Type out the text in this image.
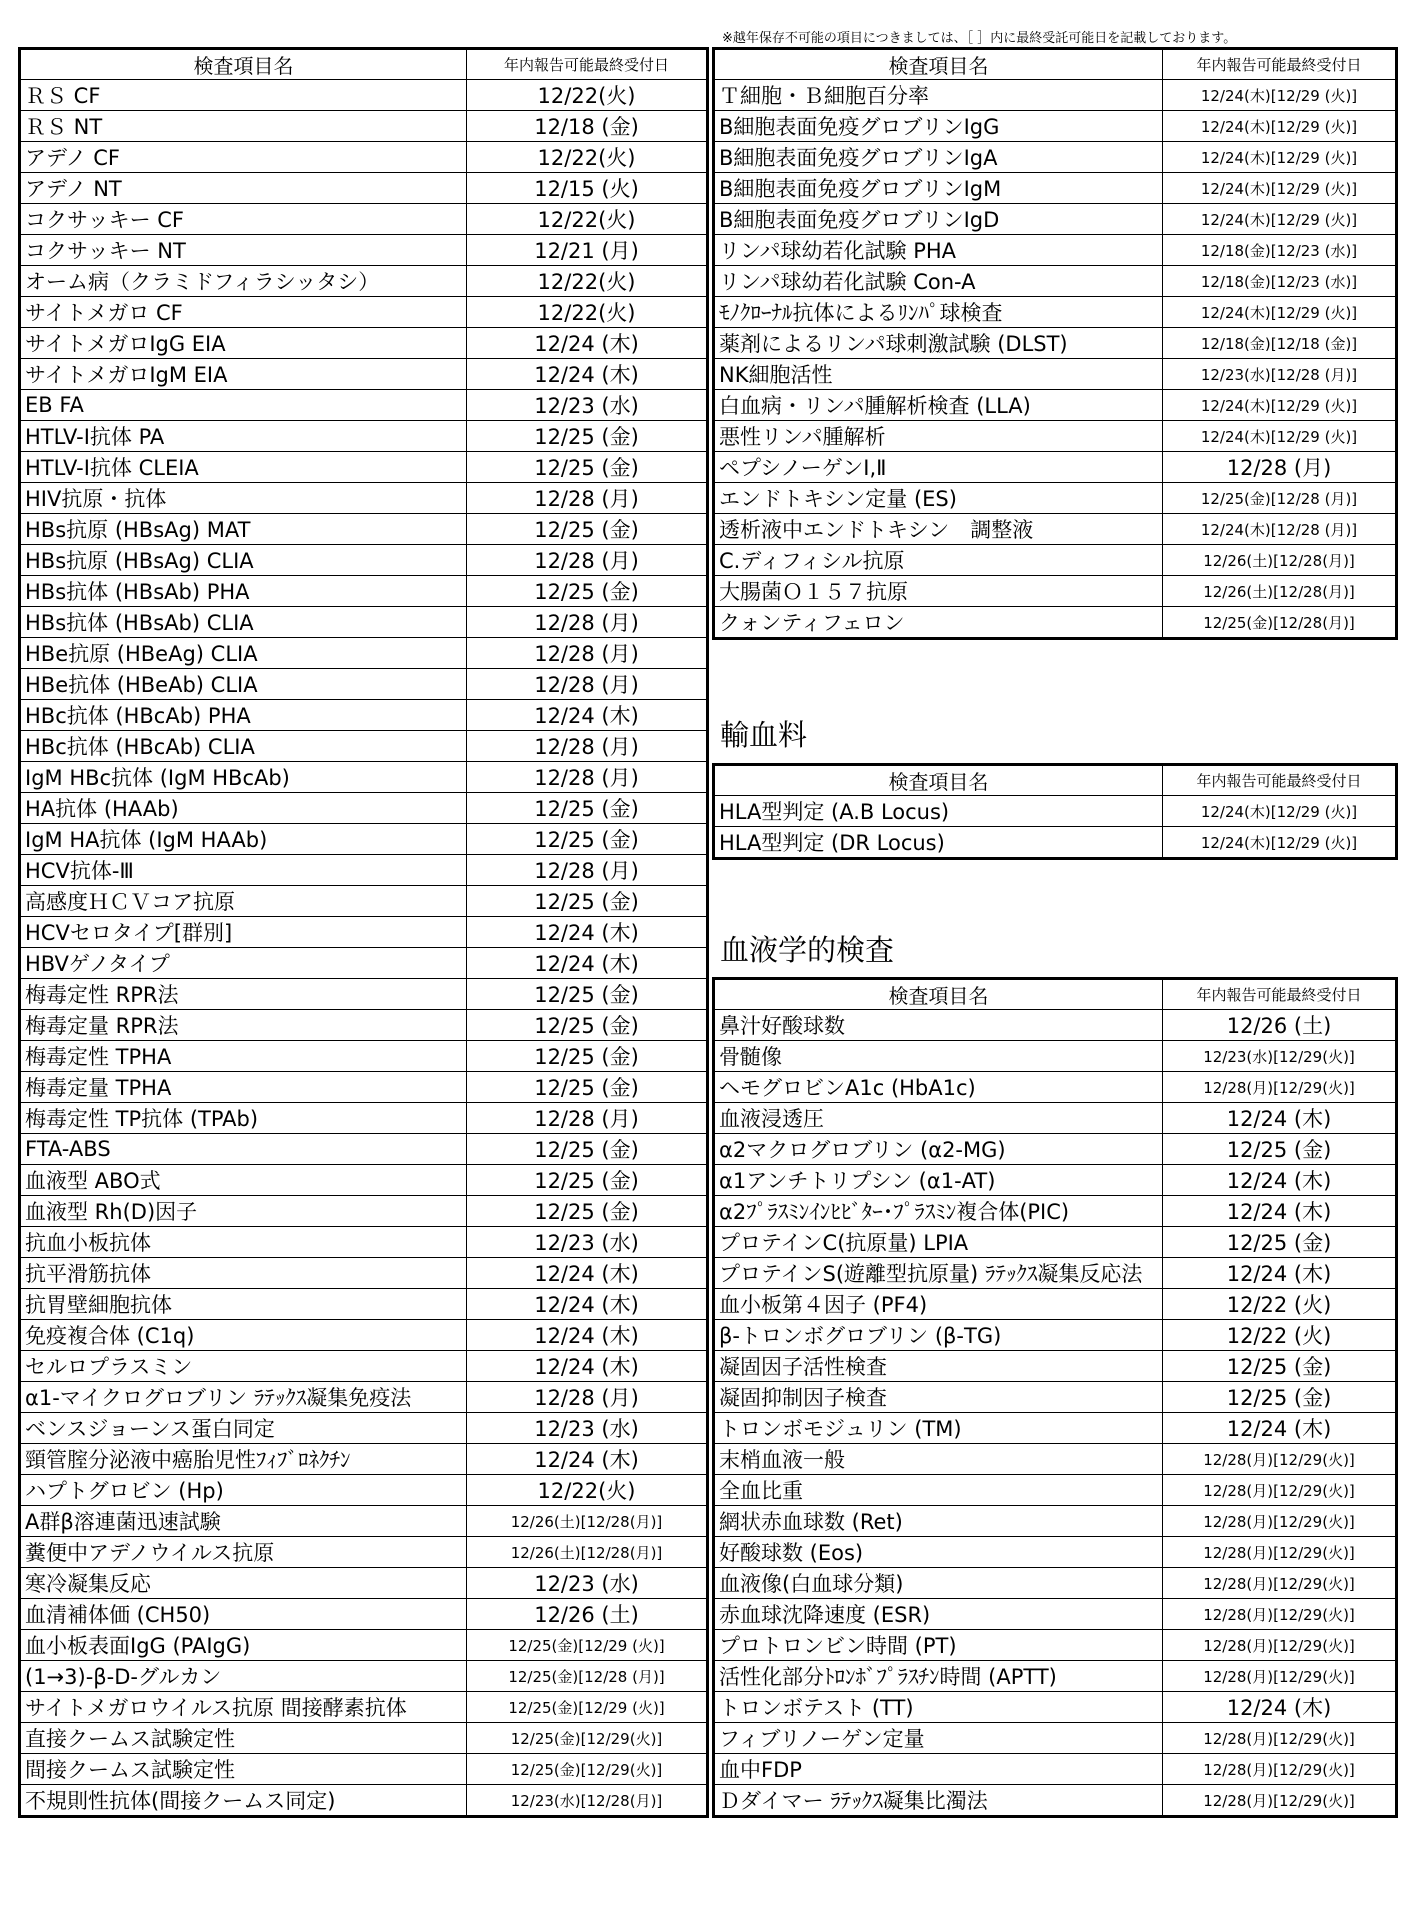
※越年保存不可能の項目につきましては、［ ］内に最終受託可能日を記載しております。
検査項目名	年内報告可能最終受付日
ＲＳ CF	12/22(火)
ＲＳ NT	12/18 (金)
アデノ CF	12/22(火)
アデノ NT	12/15 (火)
コクサッキー CF	12/22(火)
コクサッキー NT	12/21 (月)
オーム病（クラミドフィラシッタシ）	12/22(火)
サイトメガロ CF	12/22(火)
サイトメガロIgG EIA	12/24 (木)
サイトメガロIgM EIA	12/24 (木)
EB FA	12/23 (水)
HTLV-Ⅰ抗体 PA	12/25 (金)
HTLV-Ⅰ抗体 CLEIA	12/25 (金)
HIV抗原・抗体	12/28 (月)
HBs抗原 (HBsAg) MAT	12/25 (金)
HBs抗原 (HBsAg) CLIA	12/28 (月)
HBs抗体 (HBsAb) PHA	12/25 (金)
HBs抗体 (HBsAb) CLIA	12/28 (月)
HBe抗原 (HBeAg) CLIA	12/28 (月)
HBe抗体 (HBeAb) CLIA	12/28 (月)
HBc抗体 (HBcAb) PHA	12/24 (木)
HBc抗体 (HBcAb) CLIA	12/28 (月)
IgM HBc抗体 (IgM HBcAb)	12/28 (月)
HA抗体 (HAAb)	12/25 (金)
IgM HA抗体 (IgM HAAb)	12/25 (金)
HCV抗体-Ⅲ	12/28 (月)
高感度ＨＣＶコア抗原	12/25 (金)
HCVセロタイプ[群別]	12/24 (木)
HBVゲノタイプ	12/24 (木)
梅毒定性 RPR法	12/25 (金)
梅毒定量 RPR法	12/25 (金)
梅毒定性 TPHA	12/25 (金)
梅毒定量 TPHA	12/25 (金)
梅毒定性 TP抗体 (TPAb)	12/28 (月)
FTA-ABS	12/25 (金)
血液型 ABO式	12/25 (金)
血液型 Rh(D)因子	12/25 (金)
抗血小板抗体	12/23 (水)
抗平滑筋抗体	12/24 (木)
抗胃壁細胞抗体	12/24 (木)
免疫複合体 (C1q)	12/24 (木)
セルロプラスミン	12/24 (木)
α1-マイクログロブリン ﾗﾃｯｸｽ凝集免疫法	12/28 (月)
ベンスジョーンス蛋白同定	12/23 (水)
頸管腟分泌液中癌胎児性ﾌｨﾌﾞﾛﾈｸﾁﾝ	12/24 (木)
ハプトグロビン (Hp)	12/22(火)
A群β溶連菌迅速試験	12/26(土)[12/28(月)]
糞便中アデノウイルス抗原	12/26(土)[12/28(月)]
寒冷凝集反応	12/23 (水)
血清補体価 (CH50)	12/26 (土)
血小板表面IgG (PAIgG)	12/25(金)[12/29 (火)]
(1→3)-β-D-グルカン	12/25(金)[12/28 (月)]
サイトメガロウイルス抗原 間接酵素抗体	12/25(金)[12/29 (火)]
直接クームス試験定性	12/25(金)[12/29(火)]
間接クームス試験定性	12/25(金)[12/29(火)]
不規則性抗体(間接クームス同定)	12/23(水)[12/28(月)]
検査項目名	年内報告可能最終受付日
Ｔ細胞・Ｂ細胞百分率	12/24(木)[12/29 (火)]
B細胞表面免疫グロブリンIgG	12/24(木)[12/29 (火)]
B細胞表面免疫グロブリンIgA	12/24(木)[12/29 (火)]
B細胞表面免疫グロブリンIgM	12/24(木)[12/29 (火)]
B細胞表面免疫グロブリンIgD	12/24(木)[12/29 (火)]
リンパ球幼若化試験 PHA	12/18(金)[12/23 (水)]
リンパ球幼若化試験 Con-A	12/18(金)[12/23 (水)]
ﾓﾉｸﾛｰﾅﾙ抗体によるﾘﾝﾊﾟ球検査	12/24(木)[12/29 (火)]
薬剤によるリンパ球刺激試験 (DLST)	12/18(金)[12/18 (金)]
NK細胞活性	12/23(水)[12/28 (月)]
白血病・リンパ腫解析検査 (LLA)	12/24(木)[12/29 (火)]
悪性リンパ腫解析	12/24(木)[12/29 (火)]
ペプシノーゲンⅠ,Ⅱ	12/28 (月)
エンドトキシン定量 (ES)	12/25(金)[12/28 (月)]
透析液中エンドトキシン　調整液	12/24(木)[12/28 (月)]
C.ディフィシル抗原	12/26(土)[12/28(月)]
大腸菌Ｏ１５７抗原	12/26(土)[12/28(月)]
クォンティフェロン	12/25(金)[12/28(月)]
輸血料
検査項目名	年内報告可能最終受付日
HLA型判定 (A.B Locus)	12/24(木)[12/29 (火)]
HLA型判定 (DR Locus)	12/24(木)[12/29 (火)]
血液学的検査
検査項目名	年内報告可能最終受付日
鼻汁好酸球数	12/26 (土)
骨髄像	12/23(水)[12/29(火)]
ヘモグロビンA1c (HbA1c)	12/28(月)[12/29(火)]
血液浸透圧	12/24 (木)
α2マクログロブリン (α2-MG)	12/25 (金)
α1アンチトリプシン (α1-AT)	12/24 (木)
α2ﾌﾟﾗｽﾐﾝｲﾝﾋﾋﾞﾀｰ･ﾌﾟﾗｽﾐﾝ複合体(PIC)	12/24 (木)
プロテインC(抗原量) LPIA	12/25 (金)
プロテインS(遊離型抗原量) ﾗﾃｯｸｽ凝集反応法	12/24 (木)
血小板第４因子 (PF4)	12/22 (火)
β-トロンボグロブリン (β-TG)	12/22 (火)
凝固因子活性検査	12/25 (金)
凝固抑制因子検査	12/25 (金)
トロンボモジュリン (TM)	12/24 (木)
末梢血液一般	12/28(月)[12/29(火)]
全血比重	12/28(月)[12/29(火)]
網状赤血球数 (Ret)	12/28(月)[12/29(火)]
好酸球数 (Eos)	12/28(月)[12/29(火)]
血液像(白血球分類)	12/28(月)[12/29(火)]
赤血球沈降速度 (ESR)	12/28(月)[12/29(火)]
プロトロンビン時間 (PT)	12/28(月)[12/29(火)]
活性化部分ﾄﾛﾝﾎﾞﾌﾟﾗｽﾁﾝ時間 (APTT)	12/28(月)[12/29(火)]
トロンボテスト (TT)	12/24 (木)
フィブリノーゲン定量	12/28(月)[12/29(火)]
血中FDP	12/28(月)[12/29(火)]
Ｄダイマー ﾗﾃｯｸｽ凝集比濁法	12/28(月)[12/29(火)]
